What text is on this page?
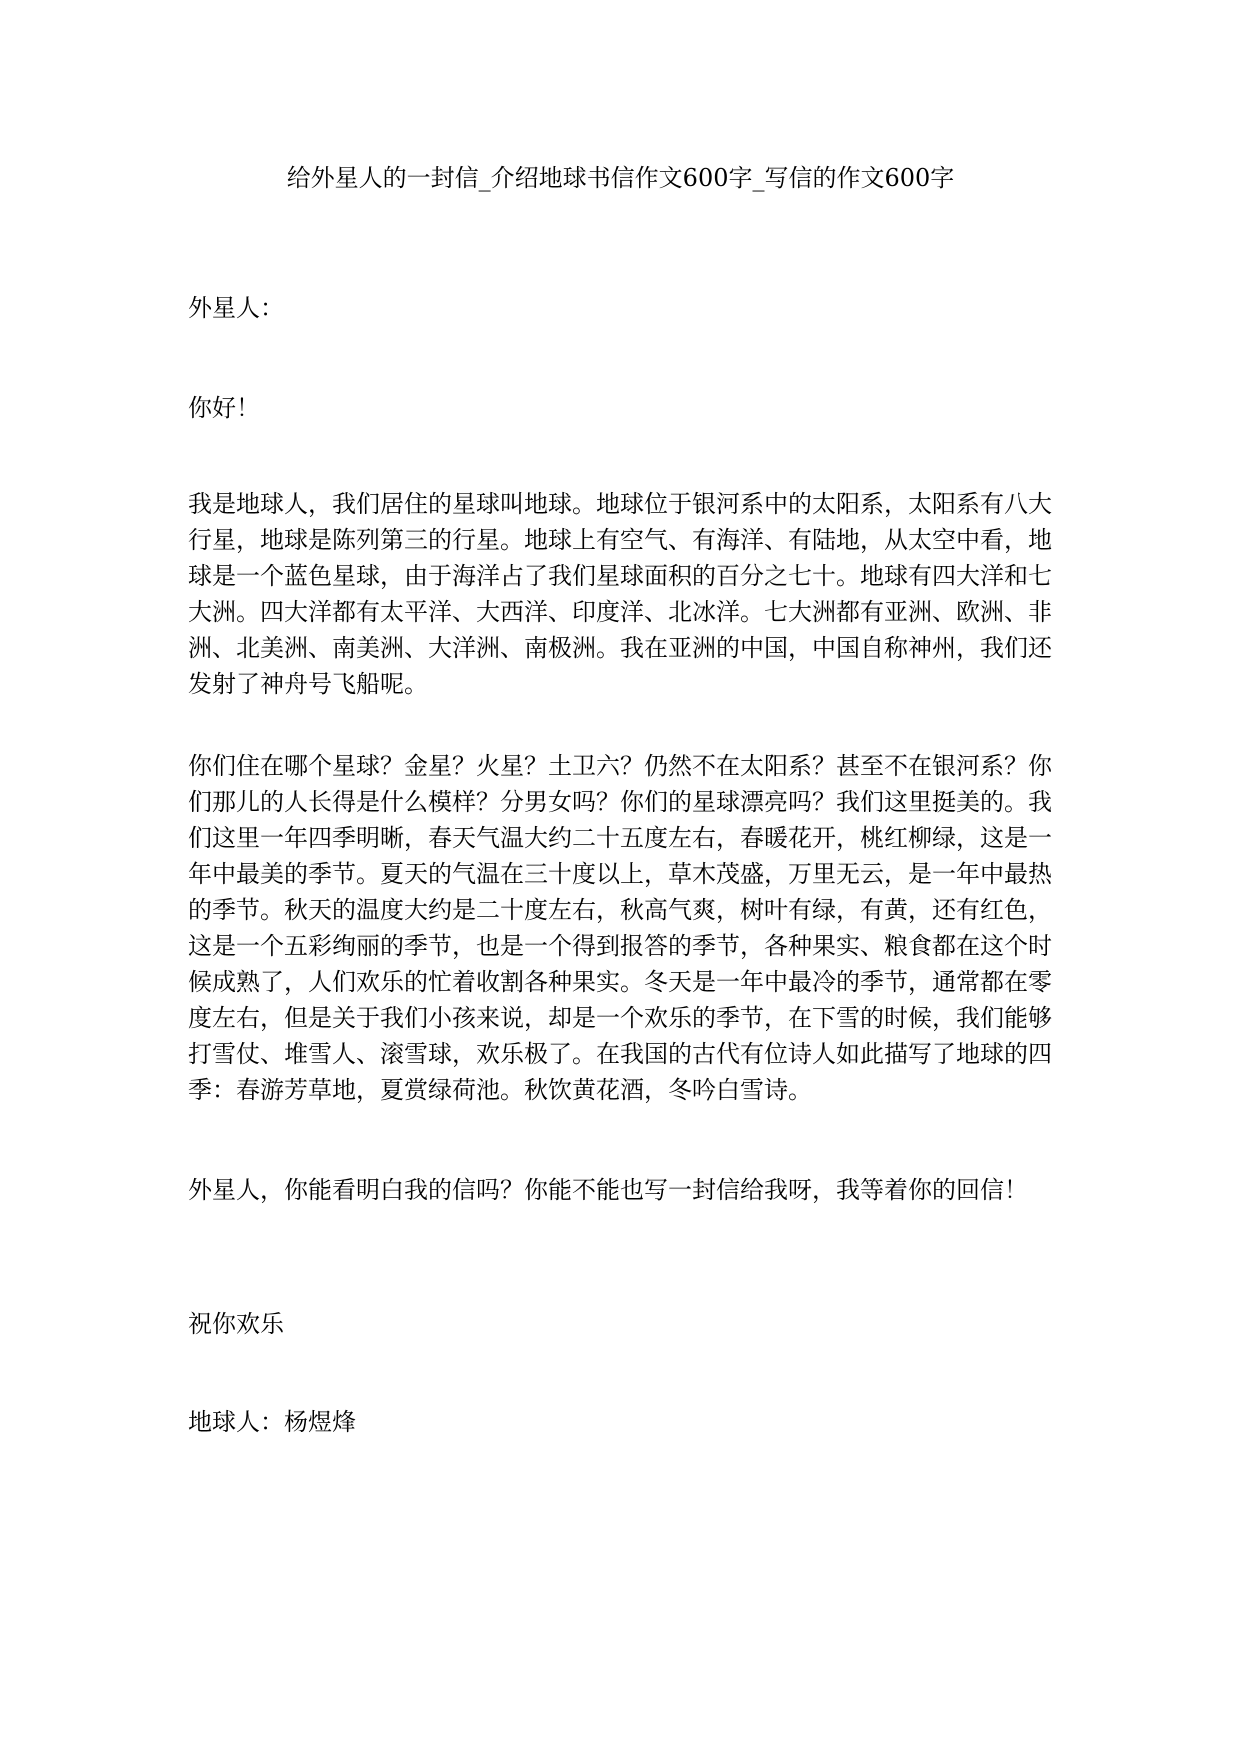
给外星人的一封信_介绍地球书信作文600字_写信的作文600字

外星人：

你好！

我是地球人，我们居住的星球叫地球。地球位于银河系中的太阳系，太阳系有八大行星，地球是陈列第三的行星。地球上有空气、有海洋、有陆地，从太空中看，地球是一个蓝色星球，由于海洋占了我们星球面积的百分之七十。地球有四大洋和七大洲。四大洋都有太平洋、大西洋、印度洋、北冰洋。七大洲都有亚洲、欧洲、非洲、北美洲、南美洲、大洋洲、南极洲。我在亚洲的中国，中国自称神州，我们还发射了神舟号飞船呢。

你们住在哪个星球？金星？火星？土卫六？仍然不在太阳系？甚至不在银河系？你们那儿的人长得是什么模样？分男女吗？你们的星球漂亮吗？我们这里挺美的。我们这里一年四季明晰，春天气温大约二十五度左右，春暖花开，桃红柳绿，这是一年中最美的季节。夏天的气温在三十度以上，草木茂盛，万里无云，是一年中最热的季节。秋天的温度大约是二十度左右，秋高气爽，树叶有绿，有黄，还有红色，这是一个五彩绚丽的季节，也是一个得到报答的季节，各种果实、粮食都在这个时候成熟了，人们欢乐的忙着收割各种果实。冬天是一年中最冷的季节，通常都在零度左右，但是关于我们小孩来说，却是一个欢乐的季节，在下雪的时候，我们能够打雪仗、堆雪人、滚雪球，欢乐极了。在我国的古代有位诗人如此描写了地球的四季：春游芳草地，夏赏绿荷池。秋饮黄花酒，冬吟白雪诗。

外星人，你能看明白我的信吗？你能不能也写一封信给我呀，我等着你的回信！

祝你欢乐

地球人：杨煜烽
